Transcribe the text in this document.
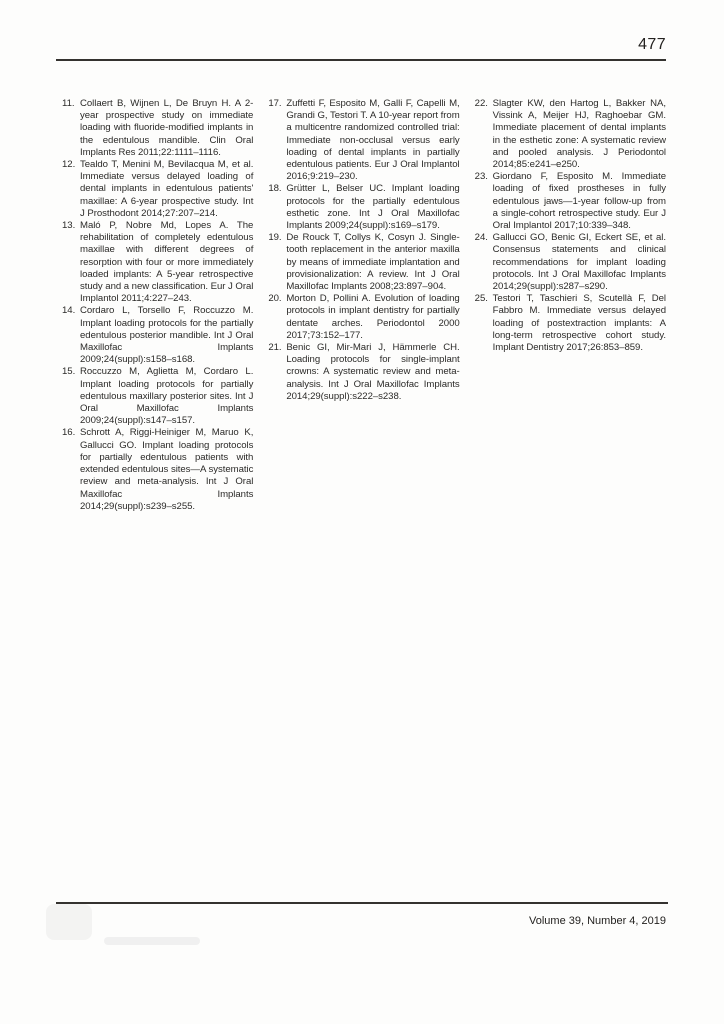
477
11. Collaert B, Wijnen L, De Bruyn H. A 2-year prospective study on immediate loading with fluoride-modified implants in the edentulous mandible. Clin Oral Implants Res 2011;22:1111–1116.
12. Tealdo T, Menini M, Bevilacqua M, et al. Immediate versus delayed loading of dental implants in edentulous patients' maxillae: A 6-year prospective study. Int J Prosthodont 2014;27:207–214.
13. Maló P, Nobre Md, Lopes A. The rehabilitation of completely edentulous maxillae with different degrees of resorption with four or more immediately loaded implants: A 5-year retrospective study and a new classification. Eur J Oral Implantol 2011;4:227–243.
14. Cordaro L, Torsello F, Roccuzzo M. Implant loading protocols for the partially edentulous posterior mandible. Int J Oral Maxillofac Implants 2009;24(suppl):s158–s168.
15. Roccuzzo M, Aglietta M, Cordaro L. Implant loading protocols for partially edentulous maxillary posterior sites. Int J Oral Maxillofac Implants 2009;24(suppl):s147–s157.
16. Schrott A, Riggi-Heiniger M, Maruo K, Gallucci GO. Implant loading protocols for partially edentulous patients with extended edentulous sites—A systematic review and meta-analysis. Int J Oral Maxillofac Implants 2014;29(suppl):s239–s255.
17. Zuffetti F, Esposito M, Galli F, Capelli M, Grandi G, Testori T. A 10-year report from a multicentre randomized controlled trial: Immediate non-occlusal versus early loading of dental implants in partially edentulous patients. Eur J Oral Implantol 2016;9:219–230.
18. Grütter L, Belser UC. Implant loading protocols for the partially edentulous esthetic zone. Int J Oral Maxillofac Implants 2009;24(suppl):s169–s179.
19. De Rouck T, Collys K, Cosyn J. Single-tooth replacement in the anterior maxilla by means of immediate implantation and provisionalization: A review. Int J Oral Maxillofac Implants 2008;23:897–904.
20. Morton D, Pollini A. Evolution of loading protocols in implant dentistry for partially dentate arches. Periodontol 2000 2017;73:152–177.
21. Benic GI, Mir-Mari J, Hämmerle CH. Loading protocols for single-implant crowns: A systematic review and meta-analysis. Int J Oral Maxillofac Implants 2014;29(suppl):s222–s238.
22. Slagter KW, den Hartog L, Bakker NA, Vissink A, Meijer HJ, Raghoebar GM. Immediate placement of dental implants in the esthetic zone: A systematic review and pooled analysis. J Periodontol 2014;85:e241–e250.
23. Giordano F, Esposito M. Immediate loading of fixed prostheses in fully edentulous jaws—1-year follow-up from a single-cohort retrospective study. Eur J Oral Implantol 2017;10:339–348.
24. Gallucci GO, Benic GI, Eckert SE, et al. Consensus statements and clinical recommendations for implant loading protocols. Int J Oral Maxillofac Implants 2014;29(suppl):s287–s290.
25. Testori T, Taschieri S, Scutellà F, Del Fabbro M. Immediate versus delayed loading of postextraction implants: A long-term retrospective cohort study. Implant Dentistry 2017;26:853–859.
Volume 39, Number 4, 2019
